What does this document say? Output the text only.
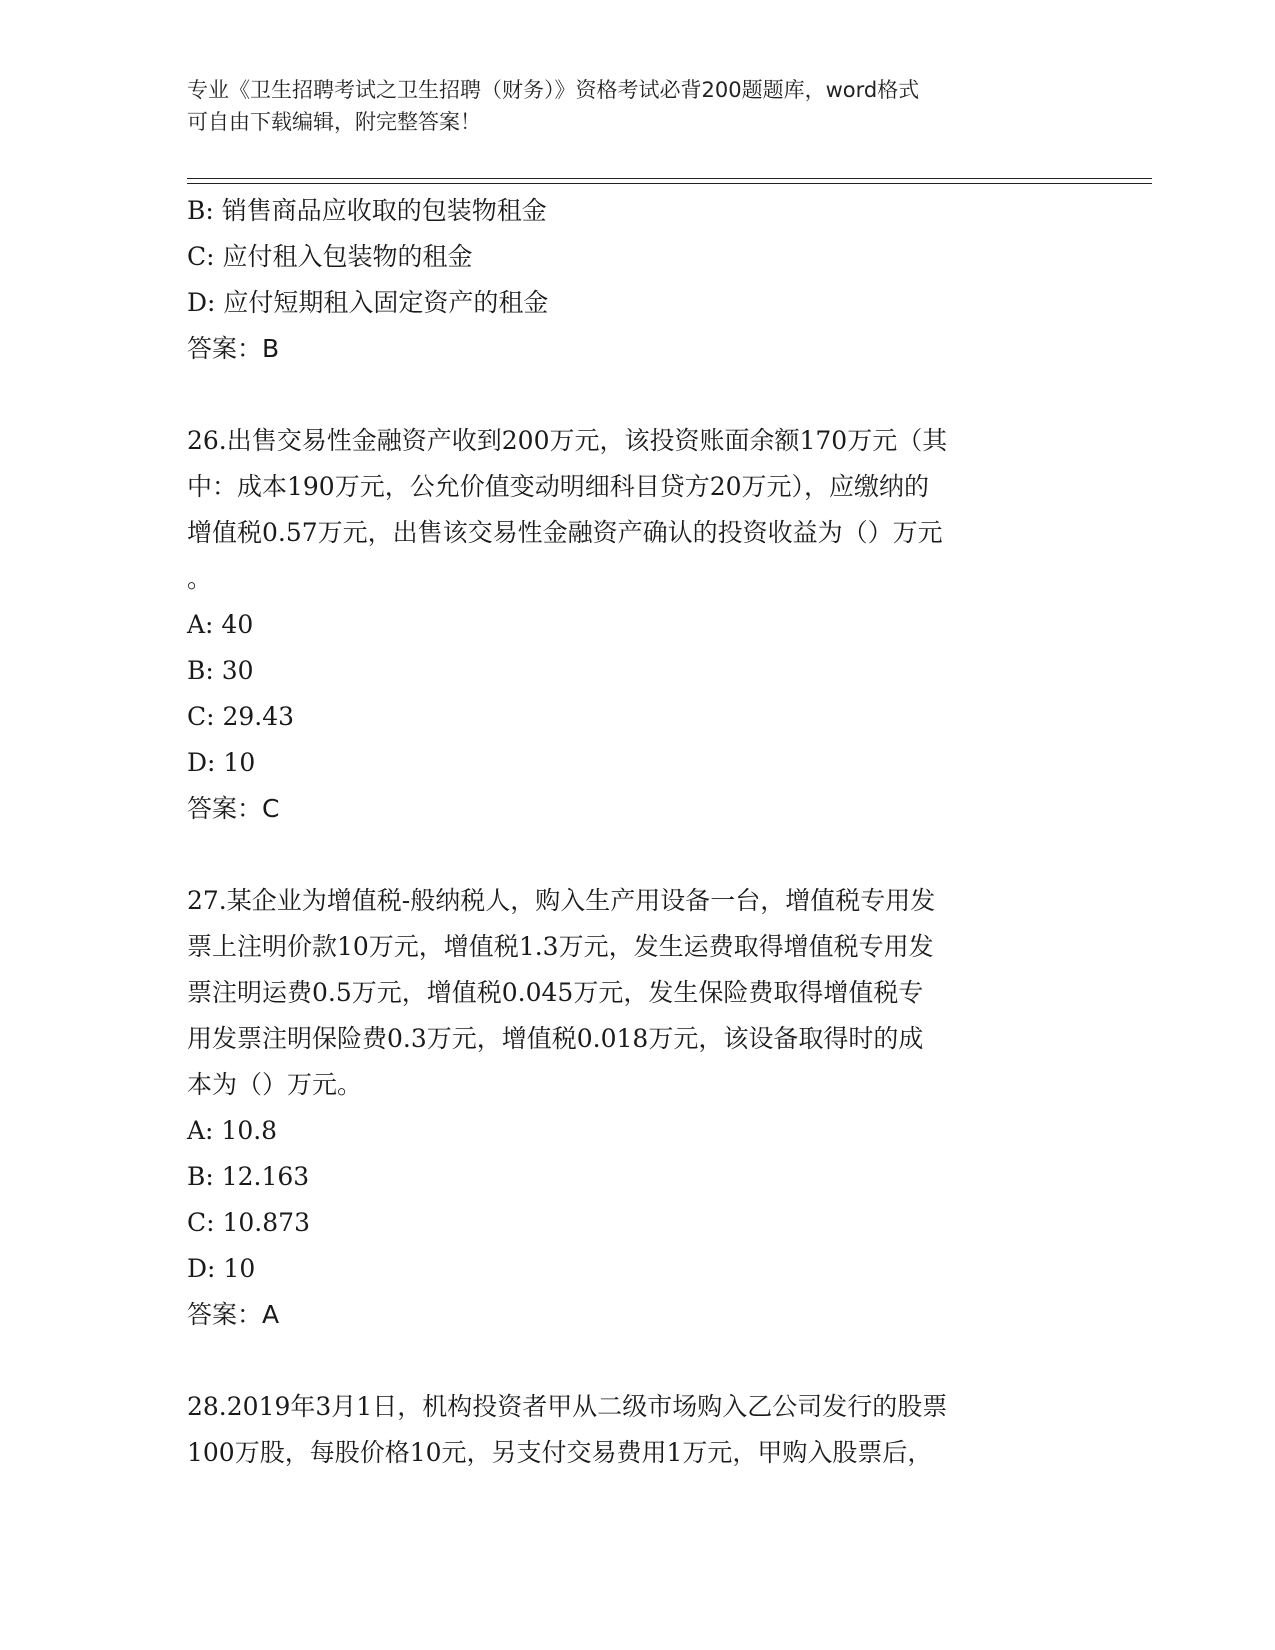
专业《卫生招聘考试之卫生招聘（财务）》资格考试必背200题题库，word格式

可自由下载编辑，附完整答案！

B: 销售商品应收取的包装物租金

C: 应付租入包装物的租金

D: 应付短期租入固定资产的租金

答案：B

26.出售交易性金融资产收到200万元，该投资账面余额170万元（其

中：成本190万元，公允价值变动明细科目贷方20万元），应缴纳的

增值税0.57万元，出售该交易性金融资产确认的投资收益为（）万元

。

A: 40

B: 30

C: 29.43

D: 10

答案：C

27.某企业为增值税-般纳税人，购入生产用设备一台，增值税专用发

票上注明价款10万元，增值税1.3万元，发生运费取得增值税专用发

票注明运费0.5万元，增值税0.045万元，发生保险费取得增值税专

用发票注明保险费0.3万元，增值税0.018万元，该设备取得时的成

本为（）万元。

A: 10.8

B: 12.163

C: 10.873

D: 10

答案：A

28.2019年3月1日，机构投资者甲从二级市场购入乙公司发行的股票

100万股，每股价格10元，另支付交易费用1万元，甲购入股票后，
